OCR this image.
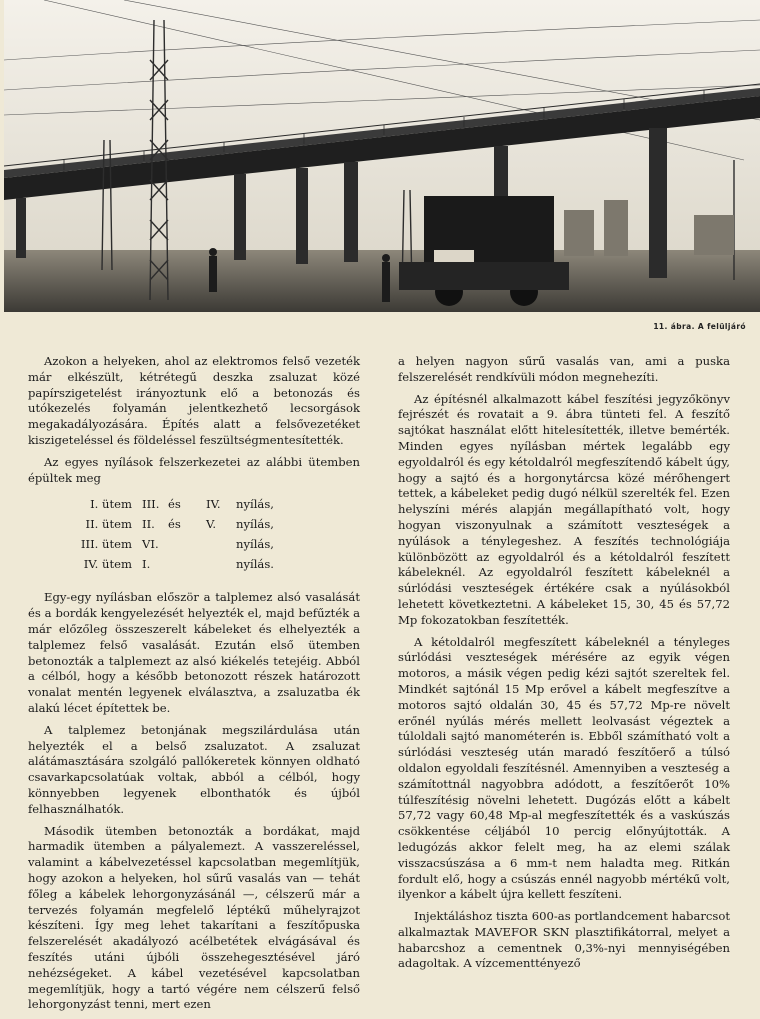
11. ábra. A felüljáró

Azokon a helyeken, ahol az elektromos felső vezeték már elkészült, kétrétegű deszka zsaluzat közé papírszigetelést irányoztunk elő a betonozás és utókezelés folyamán jelentkezhető lecsorgások megakadályozására. Építés alatt a felsővezetéket kiszigeteléssel és földeléssel feszültségmentesítették.

Az egyes nyílások felszerkezetei az alábbi ütemben épültek meg

I. ütem	III.	és	IV.	nyílás,
II. ütem	II.	és	V.	nyílás,
III. ütem	VI.			nyílás,
IV. ütem	I.			nyílás.

Egy-egy nyílásban először a talplemez alsó vasalását és a bordák kengyelezését helyezték el, majd befűzték a már előzőleg összeszerelt kábeleket és elhelyezték a talplemez felső vasalását. Ezután első ütemben betonozták a talplemezt az alsó kiékelés tetejéig. Abból a célból, hogy a később betonozott részek határozott vonalat mentén legyenek elválasztva, a zsaluzatba ék alakú lécet építettek be.

A talplemez betonjának megszilárdulása után helyezték el a belső zsaluzatot. A zsaluzat alátámasztására szolgáló pallókeretek könnyen oldható csavarkapcsolatúak voltak, abból a célból, hogy könnyebben legyenek elbonthatók és újból felhasználhatók.

Második ütemben betonozták a bordákat, majd harmadik ütemben a pályalemezt. A vasszereléssel, valamint a kábelvezetéssel kapcsolatban megemlítjük, hogy azokon a helyeken, hol sűrű vasalás van — tehát főleg a kábelek lehorgonyzásánál —, célszerű már a tervezés folyamán megfelelő léptékű műhelyrajzot készíteni. Így meg lehet takarítani a feszítőpuska felszerelését akadályozó acélbetétek elvágásával és feszítés utáni újbóli összehegesztésével járó nehézségeket. A kábel vezetésével kapcsolatban megemlítjük, hogy a tartó végére nem célszerű felső lehorgonyzást tenni, mert ezen

a helyen nagyon sűrű vasalás van, ami a puska felszerelését rendkívüli módon megnehezíti.

Az építésnél alkalmazott kábel feszítési jegyzőkönyv fejrészét és rovatait a 9. ábra tünteti fel. A feszítő sajtókat használat előtt hitelesítették, illetve bemérték. Minden egyes nyílásban mértek legalább egy egyoldalról és egy kétoldalról megfeszítendő kábelt úgy, hogy a sajtó és a horgonytárcsa közé mérőhengert tettek, a kábeleket pedig dugó nélkül szerelték fel. Ezen helyszíni mérés alapján megállapítható volt, hogy hogyan viszonyulnak a számított veszteségek a nyúlások a ténylegeshez. A feszítés technológiája különbözött az egyoldalról és a kétoldalról feszített kábeleknél. Az egyoldalról feszített kábeleknél a súrlódási veszteségek értékére csak a nyúlásokból lehetett következtetni. A kábeleket 15, 30, 45 és 57,72 Mp fokozatokban feszítették.

A kétoldalról megfeszített kábeleknél a tényleges súrlódási veszteségek mérésére az egyik végen motoros, a másik végen pedig kézi sajtót szereltek fel. Mindkét sajtónál 15 Mp erővel a kábelt megfeszítve a motoros sajtó oldalán 30, 45 és 57,72 Mp-re növelt erőnél nyúlás mérés mellett leolvasást végeztek a túloldali sajtó manométerén is. Ebből számítható volt a súrlódási veszteség után maradó feszítőerő a túlsó oldalon egyoldali feszítésnél. Amennyiben a veszteség a számítottnál nagyobbra adódott, a feszítőerőt 10% túlfeszítésig növelni lehetett. Dugózás előtt a kábelt 57,72 vagy 60,48 Mp-al megfeszítették és a vaskúszás csökkentése céljából 10 percig előnyújtották. A ledugózás akkor felelt meg, ha az elemi szálak visszacsúszása a 6 mm-t nem haladta meg. Ritkán fordult elő, hogy a csúszás ennél nagyobb mértékű volt, ilyenkor a kábelt újra kellett feszíteni.

Injektáláshoz tiszta 600-as portlandcement habarcsot alkalmaztak MAVEFOR SKN plasztifikátorral, melyet a habarcshoz a cementnek 0,3%-nyi mennyiségében adagoltak. A vízcementtényező
